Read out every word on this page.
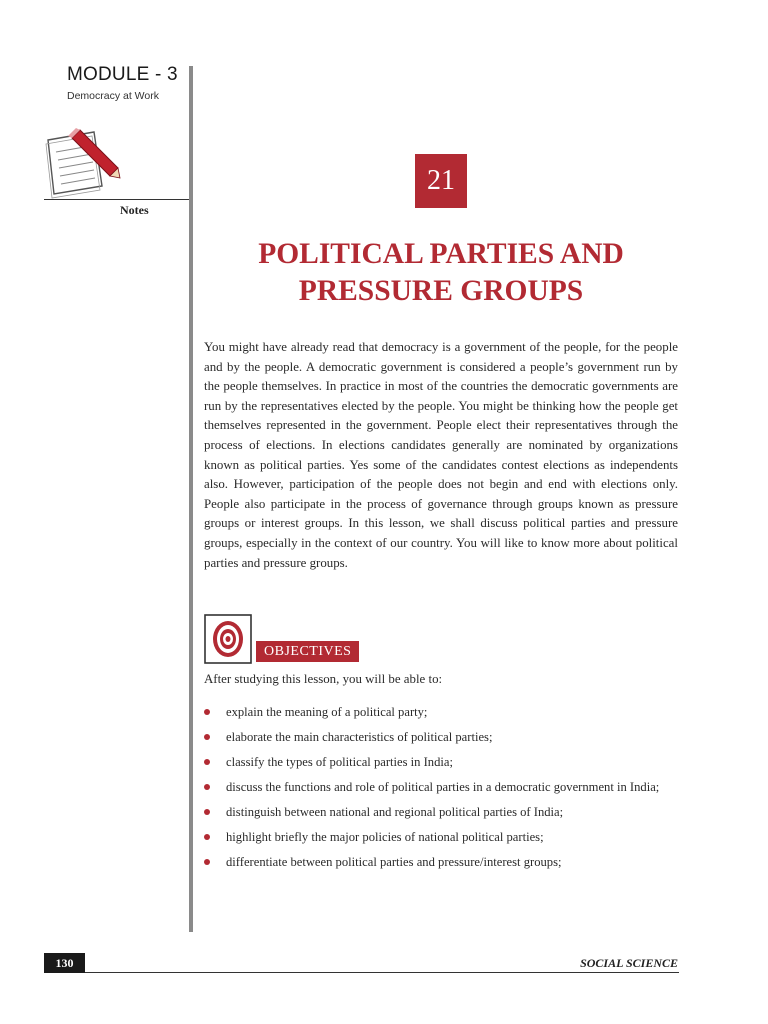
MODULE - 3
Democracy at Work
Notes
21
POLITICAL PARTIES AND
PRESSURE GROUPS
You might have already read that democracy is a government of the people, for the people and by the people. A democratic government is considered a people’s government run by the people themselves. In practice in most of the countries the democratic governments are run by the representatives elected by the people. You might be thinking how the people get themselves represented in the government. People elect their representatives through the process of elections. In elections candidates generally are nominated by organizations known as political parties. Yes some of the candidates contest elections as independents also. However, participation of the people does not begin and end with elections only. People also participate in the process of governance through groups known as pressure groups or interest groups. In this lesson, we shall discuss political parties and pressure groups, especially in the context of our country. You will like to know more about political parties and pressure groups.
OBJECTIVES
After studying this lesson, you will be able to:
explain the meaning of a political party;
elaborate the main characteristics of political parties;
classify the types of political parties in India;
discuss the functions and role of political parties in a democratic government in India;
distinguish between national and regional political parties of India;
highlight briefly the major policies of national political parties;
differentiate between political parties and pressure/interest groups;
130	SOCIAL SCIENCE
